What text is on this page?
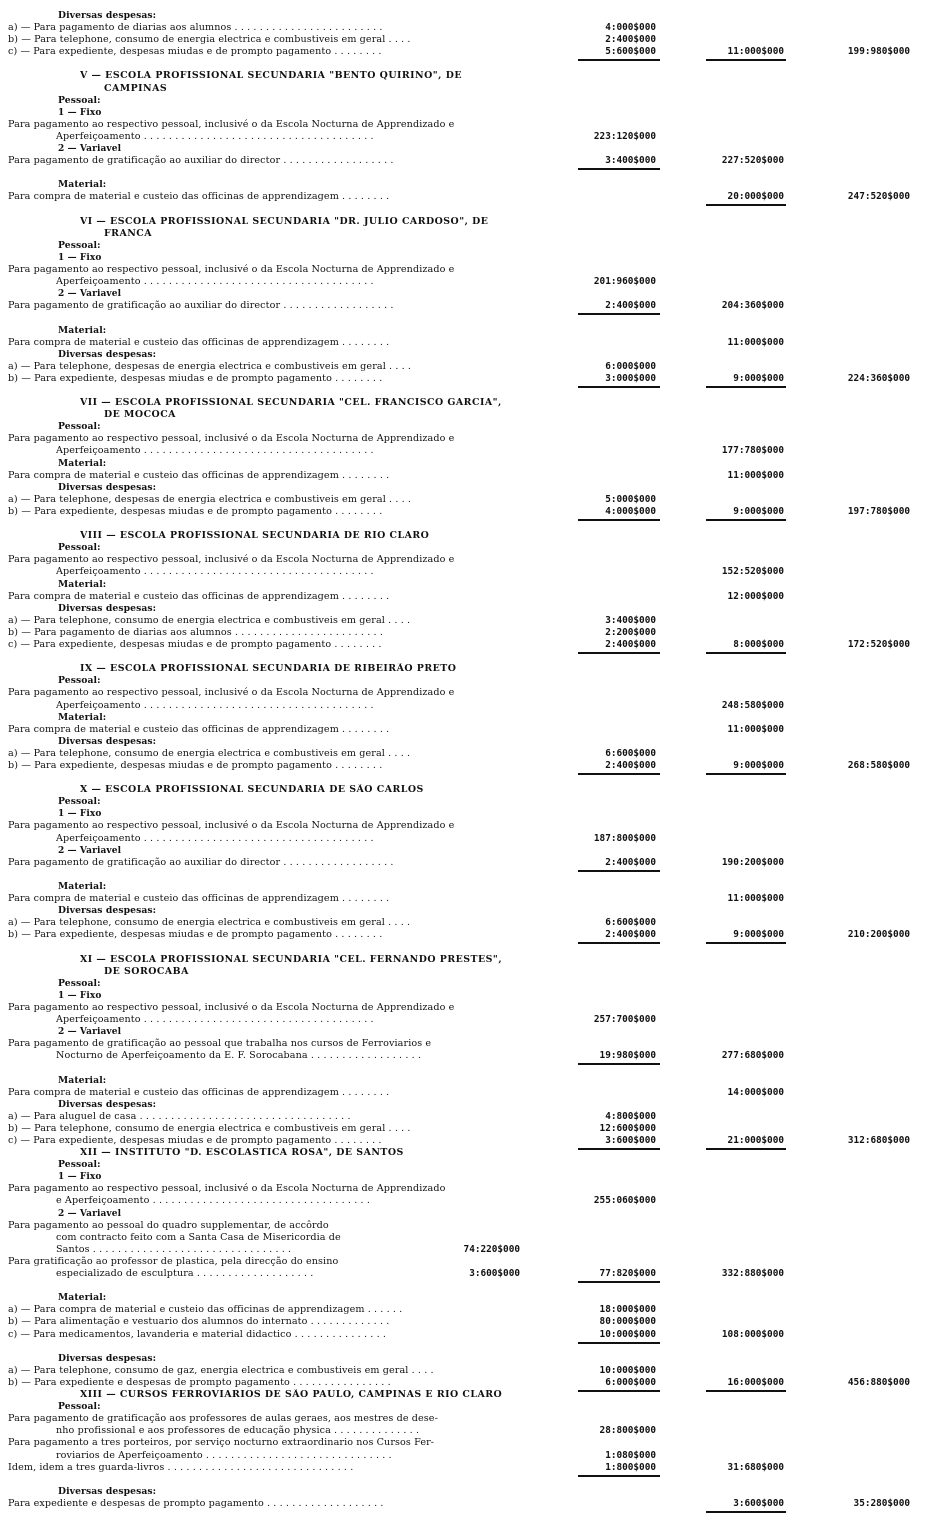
Diversas despesas:
a) — Para pagamento de diarias aos alumnos . . . . . . . . . . . . . . . . . . . . . . . .	4:000$000
b) — Para telephone, consumo de energia electrica e combustiveis em geral . . . .	2:400$000
c) — Para expediente, despesas miudas e de prompto pagamento . . . . . . . .	5:600$000	11:000$000	199:980$000
V — ESCOLA PROFISSIONAL SECUNDARIA "BENTO QUIRINO", DE
CAMPINAS
Pessoal:
1 — Fixo
Para pagamento ao respectivo pessoal, inclusivé o da Escola Nocturna de Apprendizado e
Aperfeiçoamento . . . . . . . . . . . . . . . . . . . . . . . . . . . . . . . . . . . . .	223:120$000
2 — Variavel
Para pagamento de gratificação ao auxiliar do director . . . . . . . . . . . . . . . . . .	3:400$000	227:520$000
Material:
Para compra de material e custeio das officinas de apprendizagem . . . . . . . .	20:000$000	247:520$000
VI — ESCOLA PROFISSIONAL SECUNDARIA "DR. JULIO CARDOSO", DE
FRANCA
Pessoal:
1 — Fixo
Para pagamento ao respectivo pessoal, inclusivé o da Escola Nocturna de Apprendizado e
Aperfeiçoamento . . . . . . . . . . . . . . . . . . . . . . . . . . . . . . . . . . . . .	201:960$000
2 — Variavel
Para pagamento de gratificação ao auxiliar do director . . . . . . . . . . . . . . . . . .	2:400$000	204:360$000
Material:
Para compra de material e custeio das officinas de apprendizagem . . . . . . . .	11:000$000
Diversas despesas:
a) — Para telephone, despesas de energia electrica e combustiveis em geral . . . .	6:000$000
b) — Para expediente, despesas miudas e de prompto pagamento . . . . . . . .	3:000$000	9:000$000	224:360$000
VII — ESCOLA PROFISSIONAL SECUNDARIA "CEL. FRANCISCO GARCIA",
DE MOCOCA
Pessoal:
Para pagamento ao respectivo pessoal, inclusivé o da Escola Nocturna de Apprendizado e
Aperfeiçoamento . . . . . . . . . . . . . . . . . . . . . . . . . . . . . . . . . . . . .	177:780$000
Material:
Para compra de material e custeio das officinas de apprendizagem . . . . . . . .	11:000$000
Diversas despesas:
a) — Para telephone, despesas de energia electrica e combustiveis em geral . . . .	5:000$000
b) — Para expediente, despesas miudas e de prompto pagamento . . . . . . . .	4:000$000	9:000$000	197:780$000
VIII — ESCOLA PROFISSIONAL SECUNDARIA DE RIO CLARO
Pessoal:
Para pagamento ao respectivo pessoal, inclusivé o da Escola Nocturna de Apprendizado e
Aperfeiçoamento . . . . . . . . . . . . . . . . . . . . . . . . . . . . . . . . . . . . .	152:520$000
Material:
Para compra de material e custeio das officinas de apprendizagem . . . . . . . .	12:000$000
Diversas despesas:
a) — Para telephone, consumo de energia electrica e combustiveis em geral . . . .	3:400$000
b) — Para pagamento de diarias aos alumnos . . . . . . . . . . . . . . . . . . . . . . . .	2:200$000
c) — Para expediente, despesas miudas e de prompto pagamento . . . . . . . .	2:400$000	8:000$000	172:520$000
IX — ESCOLA PROFISSIONAL SECUNDARIA DE RIBEIRÃO PRETO
Pessoal:
Para pagamento ao respectivo pessoal, inclusivé o da Escola Nocturna de Apprendizado e
Aperfeiçoamento . . . . . . . . . . . . . . . . . . . . . . . . . . . . . . . . . . . . .	248:580$000
Material:
Para compra de material e custeio das officinas de apprendizagem . . . . . . . .	11:000$000
Diversas despesas:
a) — Para telephone, consumo de energia electrica e combustiveis em geral . . . .	6:600$000
b) — Para expediente, despesas miudas e de prompto pagamento . . . . . . . .	2:400$000	9:000$000	268:580$000
X — ESCOLA PROFISSIONAL SECUNDARIA DE SÃO CARLOS
Pessoal:
1 — Fixo
Para pagamento ao respectivo pessoal, inclusivé o da Escola Nocturna de Apprendizado e
Aperfeiçoamento . . . . . . . . . . . . . . . . . . . . . . . . . . . . . . . . . . . . .	187:800$000
2 — Variavel
Para pagamento de gratificação ao auxiliar do director . . . . . . . . . . . . . . . . . .	2:400$000	190:200$000
Material:
Para compra de material e custeio das officinas de apprendizagem . . . . . . . .	11:000$000
Diversas despesas:
a) — Para telephone, consumo de energia electrica e combustiveis em geral . . . .	6:600$000
b) — Para expediente, despesas miudas e de prompto pagamento . . . . . . . .	2:400$000	9:000$000	210:200$000
XI — ESCOLA PROFISSIONAL SECUNDARIA "CEL. FERNANDO PRESTES",
DE SOROCABA
Pessoal:
1 — Fixo
Para pagamento ao respectivo pessoal, inclusivé o da Escola Nocturna de Apprendizado e
Aperfeiçoamento . . . . . . . . . . . . . . . . . . . . . . . . . . . . . . . . . . . . .	257:700$000
2 — Variavel
Para pagamento de gratificação ao pessoal que trabalha nos cursos de Ferroviarios e
Nocturno de Aperfeiçoamento da E. F. Sorocabana . . . . . . . . . . . . . . . . . .	19:980$000	277:680$000
Material:
Para compra de material e custeio das officinas de apprendizagem . . . . . . . .	14:000$000
Diversas despesas:
a) — Para aluguel de casa . . . . . . . . . . . . . . . . . . . . . . . . . . . . . . . . . .	4:800$000
b) — Para telephone, consumo de energia electrica e combustiveis em geral . . . .	12:600$000
c) — Para expediente, despesas miudas e de prompto pagamento . . . . . . . .	3:600$000	21:000$000	312:680$000
XII — INSTITUTO "D. ESCOLASTICA ROSA", DE SANTOS
Pessoal:
1 — Fixo
Para pagamento ao respectivo pessoal, inclusivé o da Escola Nocturna de Apprendizado
e Aperfeiçoamento . . . . . . . . . . . . . . . . . . . . . . . . . . . . . . . . . . .	255:060$000
2 — Variavel
Para pagamento ao pessoal do quadro supplementar, de accôrdo
com contracto feito com a Santa Casa de Misericordia de
Santos . . . . . . . . . . . . . . . . . . . . . . . . . . . . . . . .	74:220$000
Para gratificação ao professor de plastica, pela direcção do ensino
especializado de esculptura . . . . . . . . . . . . . . . . . . .	3:600$000	77:820$000	332:880$000
Material:
a) — Para compra de material e custeio das officinas de apprendizagem . . . . . .	18:000$000
b) — Para alimentação e vestuario dos alumnos do internato . . . . . . . . . . . . .	80:000$000
c) — Para medicamentos, lavanderia e material didactico . . . . . . . . . . . . . . .	10:000$000	108:000$000
Diversas despesas:
a) — Para telephone, consumo de gaz, energia electrica e combustiveis em geral . . . .	10:000$000
b) — Para expediente e despesas de prompto pagamento . . . . . . . . . . . . . . . .	6:000$000	16:000$000	456:880$000
XIII — CURSOS FERROVIARIOS DE SÃO PAULO, CAMPINAS E RIO CLARO
Pessoal:
Para pagamento de gratificação aos professores de aulas geraes, aos mestres de dese-
nho profissional e aos professores de educação physica . . . . . . . . . . . . . .	28:800$000
Para pagamento a tres porteiros, por serviço nocturno extraordinario nos Cursos Fer-
roviarios de Aperfeiçoamento . . . . . . . . . . . . . . . . . . . . . . . . . . . . . .	1:080$000
Idem, idem a tres guarda-livros . . . . . . . . . . . . . . . . . . . . . . . . . . . . . .	1:800$000	31:680$000
Diversas despesas:
Para expediente e despesas de prompto pagamento . . . . . . . . . . . . . . . . . . .	3:600$000	35:280$000
